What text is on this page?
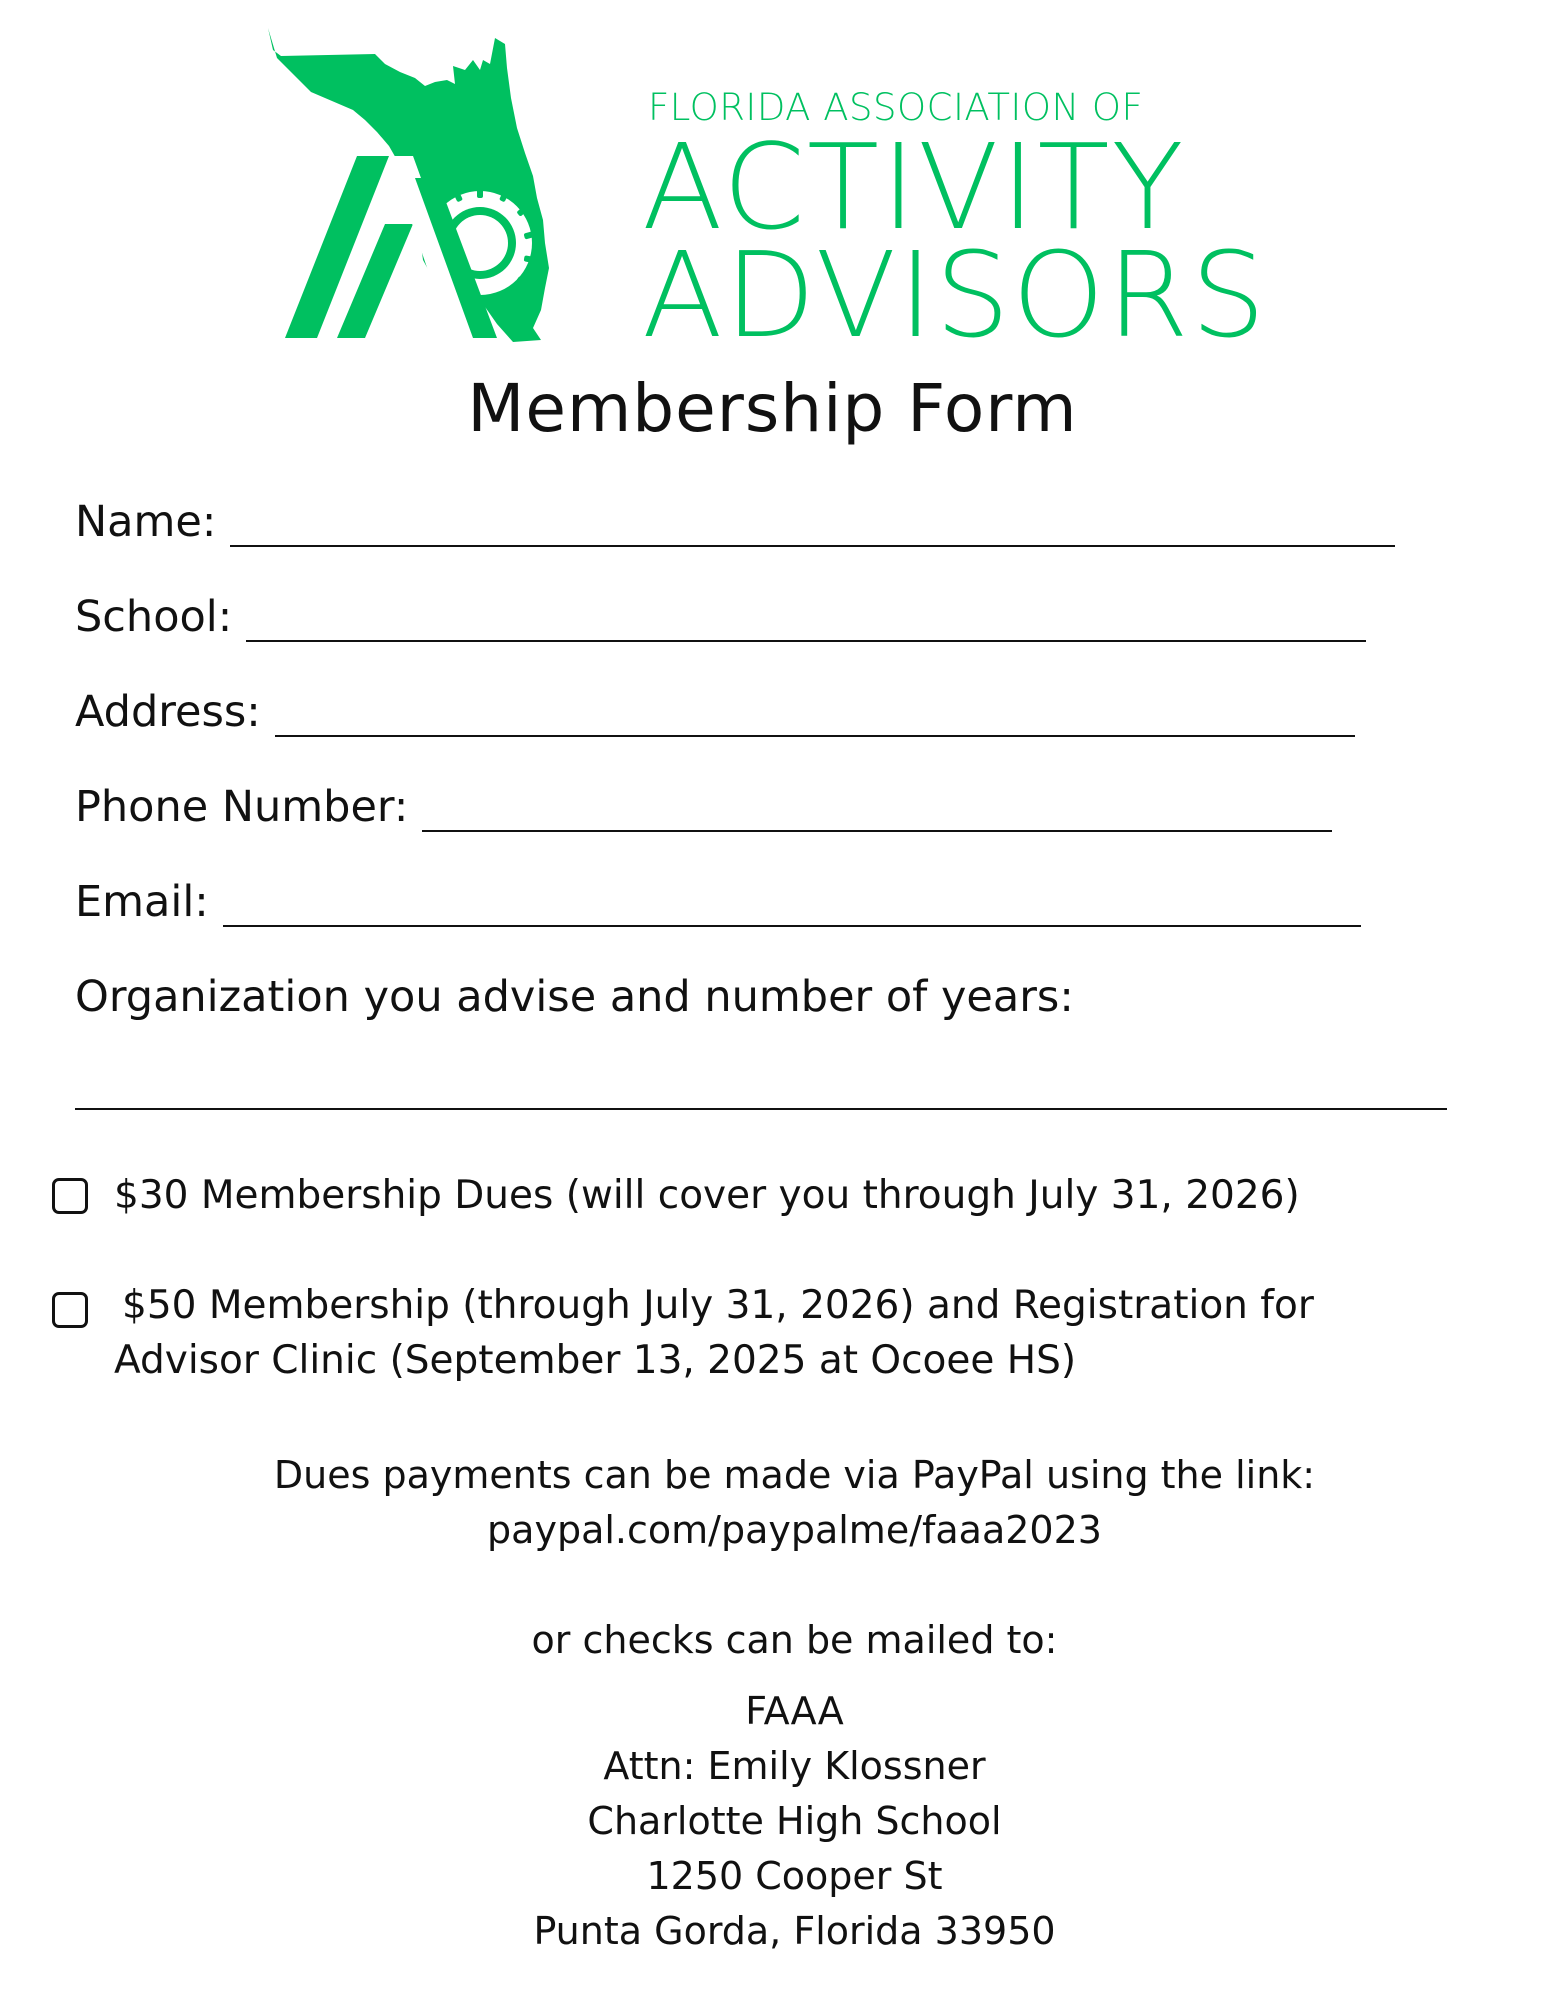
FLORIDA ASSOCIATION OF
ACTIVITY
ADVISORS
Membership Form
Name:
School:
Address:
Phone Number:
Email:
Organization you advise and number of years:
$30 Membership Dues (will cover you through July 31, 2026)
$50 Membership (through July 31, 2026) and Registration for
Advisor Clinic (September 13, 2025 at Ocoee HS)
Dues payments can be made via PayPal using the link:
paypal.com/paypalme/faaa2023
or checks can be mailed to:
FAAA
Attn: Emily Klossner
Charlotte High School
1250 Cooper St
Punta Gorda, Florida 33950
